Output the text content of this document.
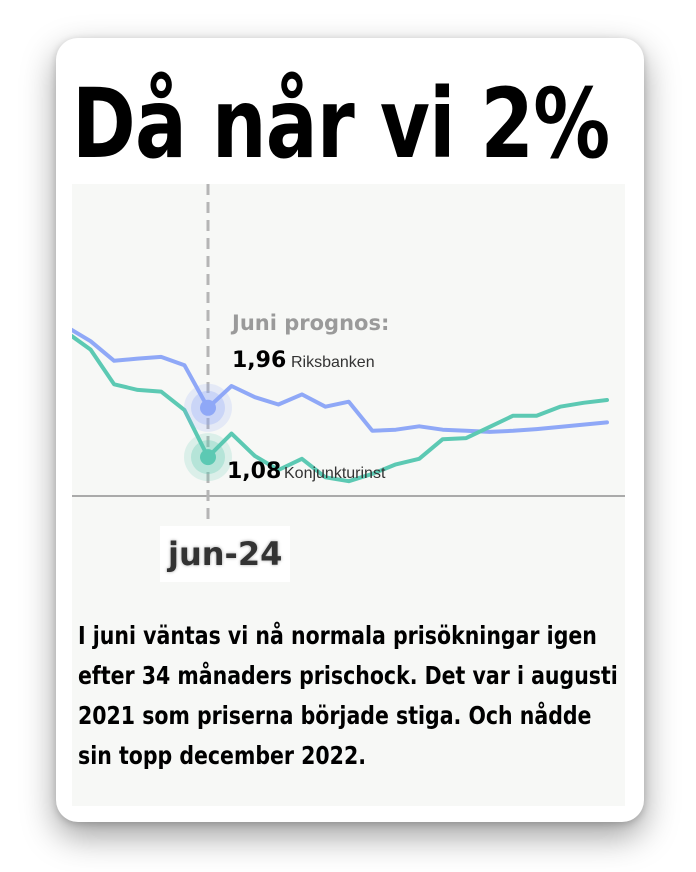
Då når vi 2%
Juni prognos:
1,96 Riksbanken
1,08 Konjunkturinst
jun-24

I juni väntas vi nå normala prisökningar igen efter 34 månaders prischock. Det var i augusti 2021 som priserna började stiga. Och nådde sin topp december 2022.
